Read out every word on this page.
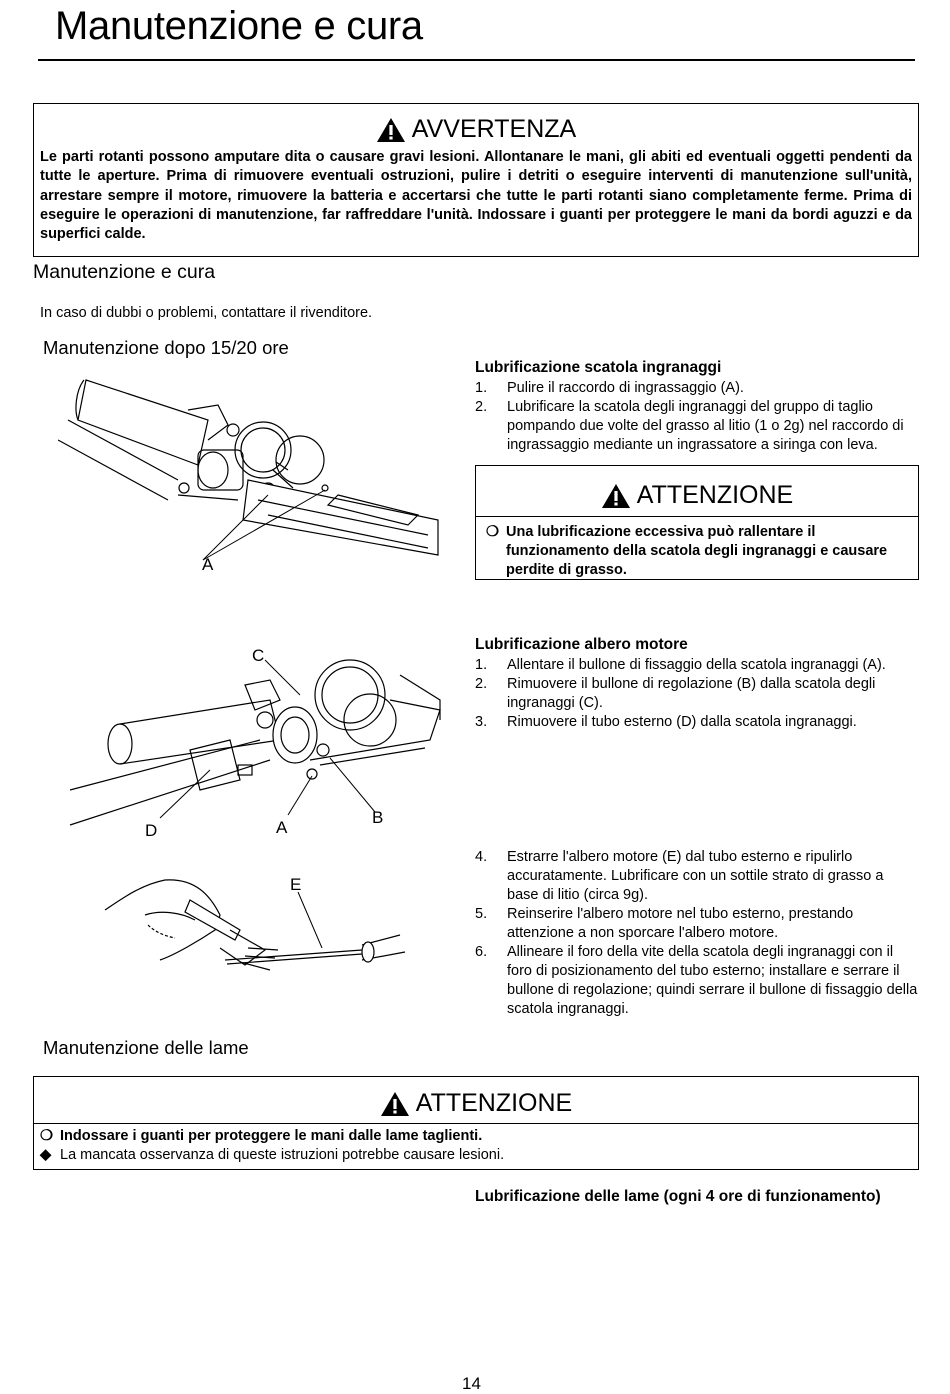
Manutenzione e cura
AVVERTENZA
Le parti rotanti possono amputare dita o causare gravi lesioni. Allontanare le mani, gli abiti ed eventuali oggetti pendenti da tutte le aperture. Prima di rimuovere eventuali ostruzioni, pulire i detriti o eseguire interventi di manutenzione sull'unità, arrestare sempre il motore, rimuovere la batteria e accertarsi che tutte le parti rotanti siano completamente ferme. Prima di eseguire le operazioni di manutenzione, far raffreddare l'unità. Indossare i guanti per proteggere le mani da bordi aguzzi e da superfici calde.
Manutenzione e cura
In caso di dubbi o problemi, contattare il rivenditore.
Manutenzione dopo 15/20 ore
A
Lubrificazione scatola ingranaggi
1.	Pulire il raccordo di ingrassaggio (A).
2.	Lubrificare la scatola degli ingranaggi del gruppo di taglio pompando due volte del grasso al litio (1 o 2g) nel raccordo di ingrassaggio mediante un ingrassatore a siringa con leva.
ATTENZIONE
❍ Una lubrificazione eccessiva può rallentare il funzionamento della scatola degli ingranaggi e causare perdite di grasso.
C
D	A
B
Lubrificazione albero motore
1.	Allentare il bullone di fissaggio della scatola ingranaggi (A).
2.	Rimuovere il bullone di regolazione (B) dalla scatola degli ingranaggi (C).
3.	Rimuovere il tubo esterno (D) dalla scatola ingranaggi.
E
4.	Estrarre l'albero motore (E) dal tubo esterno e ripulirlo accuratamente. Lubrificare con un sottile strato di grasso a base di litio (circa 9g).
5.	Reinserire l'albero motore nel tubo esterno, prestando attenzione a non sporcare l'albero motore.
6.	Allineare il foro della vite della scatola degli ingranaggi con il foro di posizionamento del tubo esterno; installare e serrare il bullone di regolazione; quindi serrare il bullone di fissaggio della scatola ingranaggi.
Manutenzione delle lame
ATTENZIONE
❍ Indossare i guanti per proteggere le mani dalle lame taglienti.
◆ La mancata osservanza di queste istruzioni potrebbe causare lesioni.
Lubrificazione delle lame (ogni 4 ore di funzionamento)
14
